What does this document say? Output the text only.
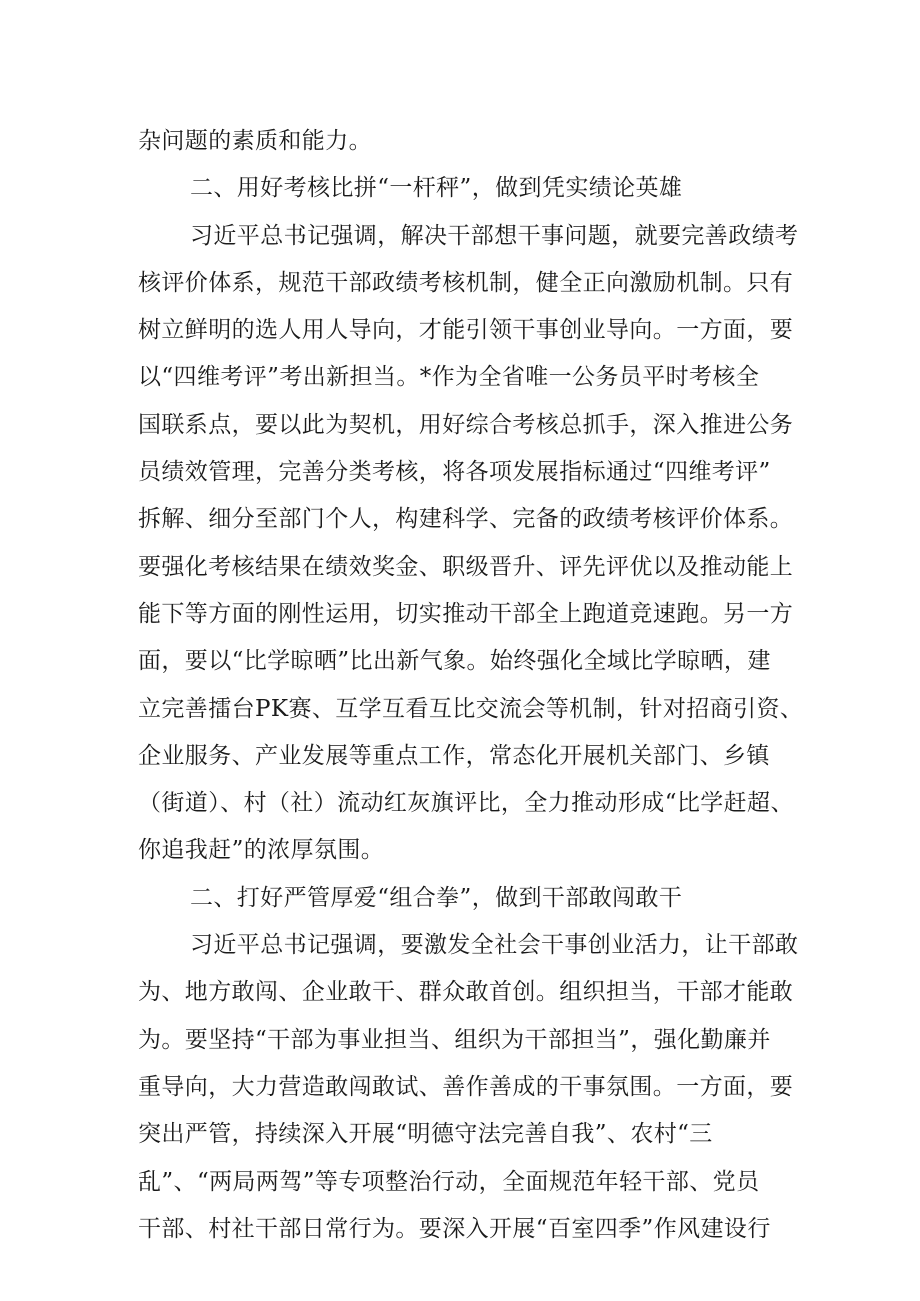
杂问题的素质和能力。
二、用好考核比拼“一杆秤”，做到凭实绩论英雄
习近平总书记强调，解决干部想干事问题，就要完善政绩考
核评价体系，规范干部政绩考核机制，健全正向激励机制。只有
树立鲜明的选人用人导向，才能引领干事创业导向。一方面，要
以“四维考评”考出新担当。*作为全省唯一公务员平时考核全
国联系点，要以此为契机，用好综合考核总抓手，深入推进公务
员绩效管理，完善分类考核，将各项发展指标通过“四维考评”
拆解、细分至部门个人，构建科学、完备的政绩考核评价体系。
要强化考核结果在绩效奖金、职级晋升、评先评优以及推动能上
能下等方面的刚性运用，切实推动干部全上跑道竞速跑。另一方
面，要以“比学晾晒”比出新气象。始终强化全域比学晾晒，建
立完善擂台PK赛、互学互看互比交流会等机制，针对招商引资、
企业服务、产业发展等重点工作，常态化开展机关部门、乡镇
（街道）、村（社）流动红灰旗评比，全力推动形成“比学赶超、
你追我赶”的浓厚氛围。
二、打好严管厚爱“组合拳”，做到干部敢闯敢干
习近平总书记强调，要激发全社会干事创业活力，让干部敢
为、地方敢闯、企业敢干、群众敢首创。组织担当，干部才能敢
为。要坚持“干部为事业担当、组织为干部担当”，强化勤廉并
重导向，大力营造敢闯敢试、善作善成的干事氛围。一方面，要
突出严管，持续深入开展“明德守法完善自我”、农村“三
乱”、“两局两驾”等专项整治行动，全面规范年轻干部、党员
干部、村社干部日常行为。要深入开展“百室四季”作风建设行
